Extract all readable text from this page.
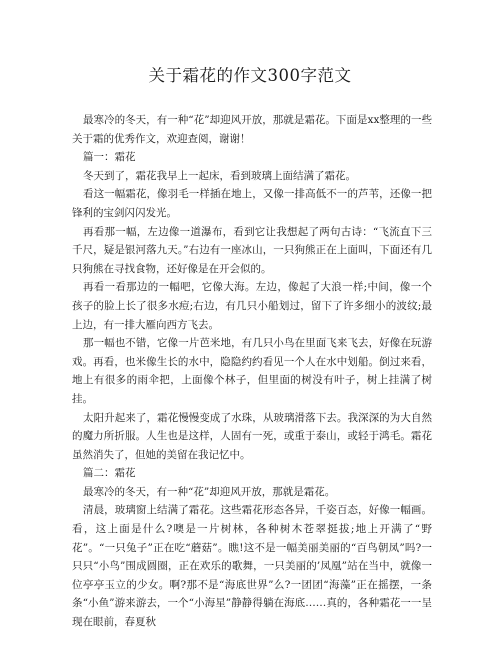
关于霜花的作文300字范文

最寒冷的冬天，有一种“花”却迎风开放，那就是霜花。下面是xx整理的一些关于霜的优秀作文，欢迎查阅，谢谢！

篇一：霜花

冬天到了，霜花我早上一起床，看到玻璃上面结满了霜花。

看这一幅霜花，像羽毛一样插在地上，又像一排高低不一的芦苇，还像一把锋利的宝剑闪闪发光。

再看那一幅，左边像一道瀑布，看到它让我想起了两句古诗：“飞流直下三千尺，疑是银河落九天。”右边有一座冰山，一只狗熊正在上面叫，下面还有几只狗熊在寻找食物，还好像是在开会似的。

再看一看那边的一幅吧，它像大海。左边，像起了大浪一样;中间，像一个孩子的脸上长了很多水痘;右边，有几只小船划过，留下了许多细小的波纹;最上边，有一排大雁向西方飞去。

那一幅也不错，它像一片芭米地，有几只小鸟在里面飞来飞去，好像在玩游戏。再看，也米像生长的水中，隐隐约约看见一个人在水中划船。倒过来看，地上有很多的雨伞把，上面像个林子，但里面的树没有叶子，树上挂满了树挂。

太阳升起来了，霜花慢慢变成了水珠，从玻璃滑落下去。我深深的为大自然的魔力所折服。人生也是这样，人固有一死，或重于泰山，或轻于鸿毛。霜花虽然消失了，但她的美留在我记忆中。

篇二：霜花

最寒冷的冬天，有一种“花”却迎风开放，那就是霜花。

清晨，玻璃窗上结满了霜花。这些霜花形态各异，千姿百态，好像一幅画。看，这上面是什么?噢是一片树林，各种树木苍翠挺拔;地上开满了“野花”。“一只兔子”正在吃“蘑菇”。瞧!这不是一幅美丽美丽的“百鸟朝凤”吗?一只只“小鸟”围成圆圈，正在欢乐的歌舞，一只美丽的’凤凰”站在当中，就像一位亭亭玉立的少女。啊?那不是“海底世界”么?一团团“海藻”正在摇摆，一条条“小鱼”游来游去，一个“小海星”静静得躺在海底……真的，各种霜花一一呈现在眼前，春夏秋
